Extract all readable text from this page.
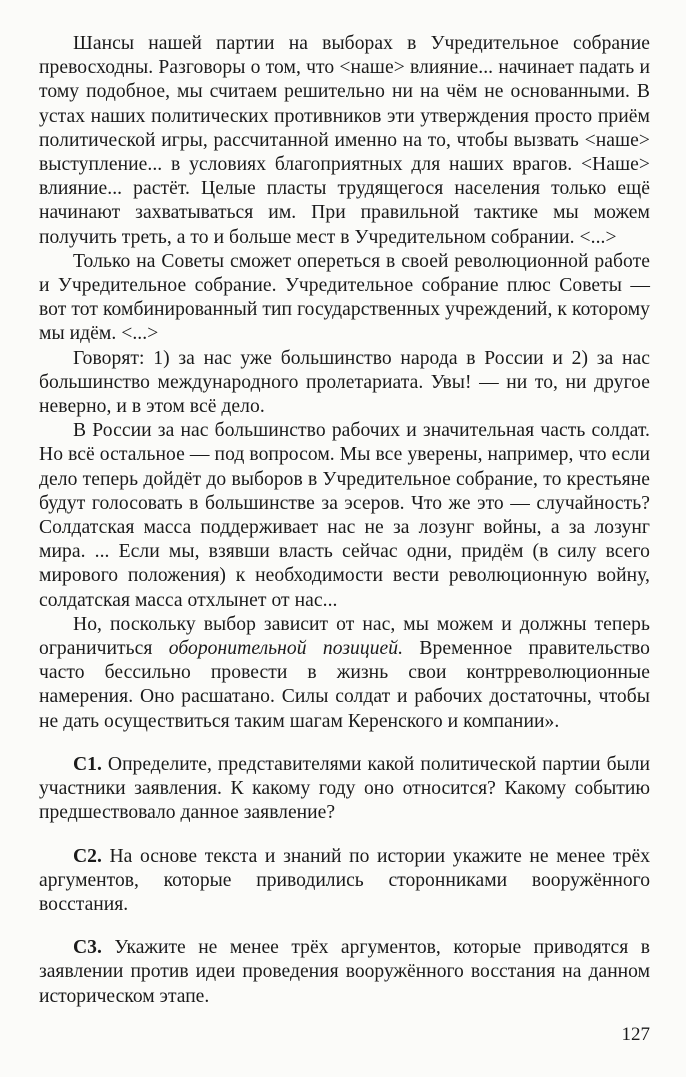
Шансы нашей партии на выборах в Учредительное собрание превосходны. Разговоры о том, что <наше> влияние... начинает падать и тому подобное, мы считаем решительно ни на чём не основанными. В устах наших политических противников эти утверждения просто приём политической игры, рассчитанной именно на то, чтобы вызвать <наше> выступление... в условиях благоприятных для наших врагов. <Наше> влияние... растёт. Целые пласты трудящегося населения только ещё начинают захватываться им. При правильной тактике мы можем получить треть, а то и больше мест в Учредительном собрании. <...>

Только на Советы сможет опереться в своей революционной работе и Учредительное собрание. Учредительное собрание плюс Советы — вот тот комбинированный тип государственных учреждений, к которому мы идём. <...>

Говорят: 1) за нас уже большинство народа в России и 2) за нас большинство международного пролетариата. Увы! — ни то, ни другое неверно, и в этом всё дело.

В России за нас большинство рабочих и значительная часть солдат. Но всё остальное — под вопросом. Мы все уверены, например, что если дело теперь дойдёт до выборов в Учредительное собрание, то крестьяне будут голосовать в большинстве за эсеров. Что же это — случайность? Солдатская масса поддерживает нас не за лозунг войны, а за лозунг мира. ... Если мы, взявши власть сейчас одни, придём (в силу всего мирового положения) к необходимости вести революционную войну, солдатская масса отхлынет от нас...

Но, поскольку выбор зависит от нас, мы можем и должны теперь ограничиться оборонительной позицией. Временное правительство часто бессильно провести в жизнь свои контрреволюционные намерения. Оно расшатано. Силы солдат и рабочих достаточны, чтобы не дать осуществиться таким шагам Керенского и компании».

С1. Определите, представителями какой политической партии были участники заявления. К какому году оно относится? Какому событию предшествовало данное заявление?

С2. На основе текста и знаний по истории укажите не менее трёх аргументов, которые приводились сторонниками вооружённого восстания.

С3. Укажите не менее трёх аргументов, которые приводятся в заявлении против идеи проведения вооружённого восстания на данном историческом этапе.

127
